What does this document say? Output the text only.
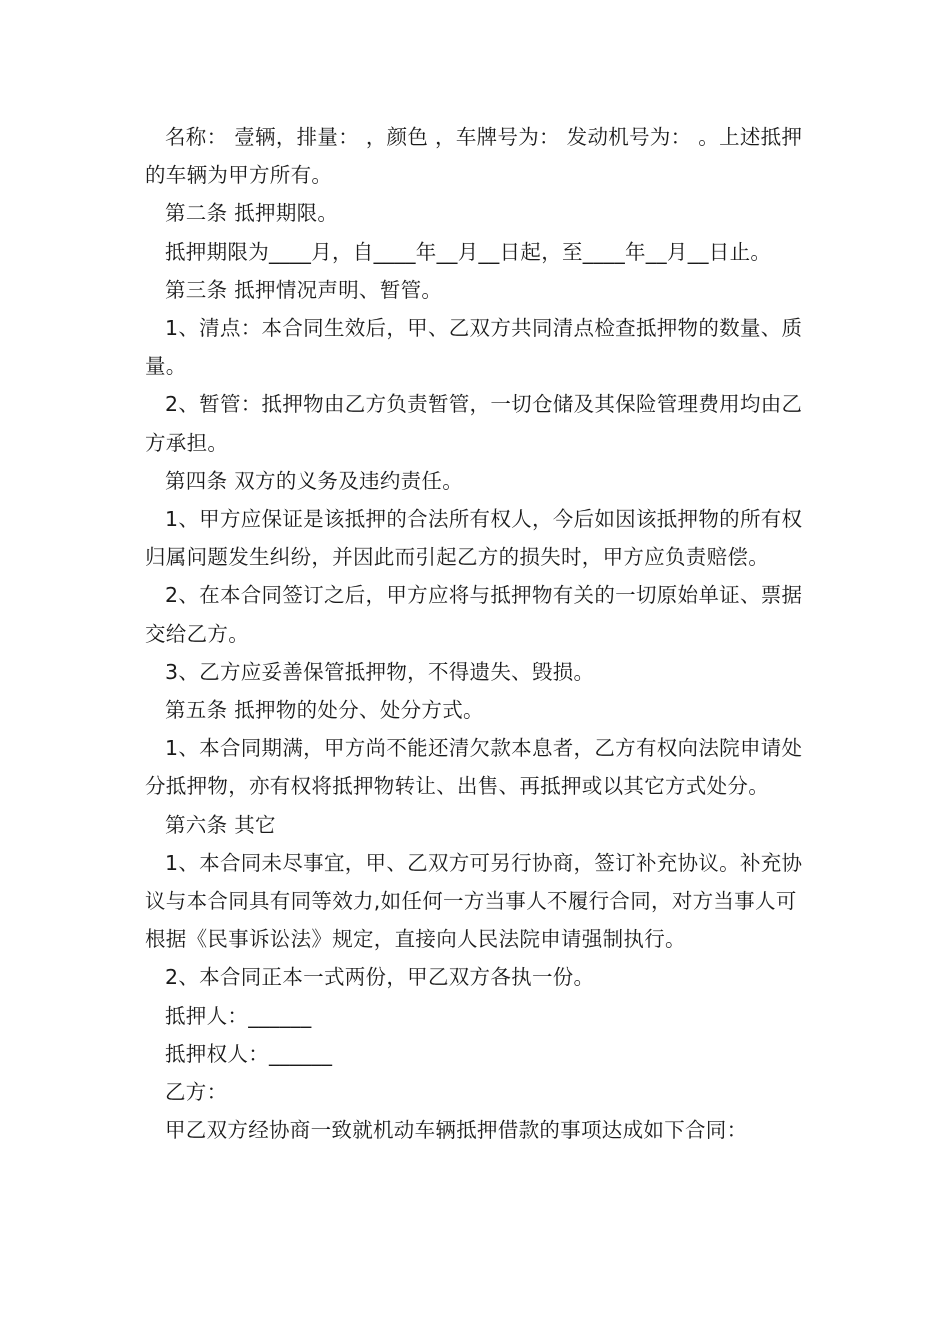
名称： 壹辆，排量： ，颜色 ，车牌号为： 发动机号为： 。上述抵押的车辆为甲方所有。

第二条 抵押期限。

抵押期限为____月，自____年__月__日起，至____年__月__日止。

第三条 抵押情况声明、暂管。

1、清点：本合同生效后，甲、乙双方共同清点检查抵押物的数量、质量。

2、暂管：抵押物由乙方负责暂管，一切仓储及其保险管理费用均由乙方承担。

第四条 双方的义务及违约责任。

1、甲方应保证是该抵押的合法所有权人，今后如因该抵押物的所有权归属问题发生纠纷，并因此而引起乙方的损失时，甲方应负责赔偿。

2、在本合同签订之后，甲方应将与抵押物有关的一切原始单证、票据交给乙方。

3、乙方应妥善保管抵押物，不得遗失、毁损。

第五条 抵押物的处分、处分方式。

1、本合同期满，甲方尚不能还清欠款本息者，乙方有权向法院申请处分抵押物，亦有权将抵押物转让、出售、再抵押或以其它方式处分。

第六条 其它

1、本合同未尽事宜，甲、乙双方可另行协商，签订补充协议。补充协议与本合同具有同等效力,如任何一方当事人不履行合同，对方当事人可根据《民事诉讼法》规定，直接向人民法院申请强制执行。

2、本合同正本一式两份，甲乙双方各执一份。

抵押人：______

抵押权人：______

乙方：

甲乙双方经协商一致就机动车辆抵押借款的事项达成如下合同：
